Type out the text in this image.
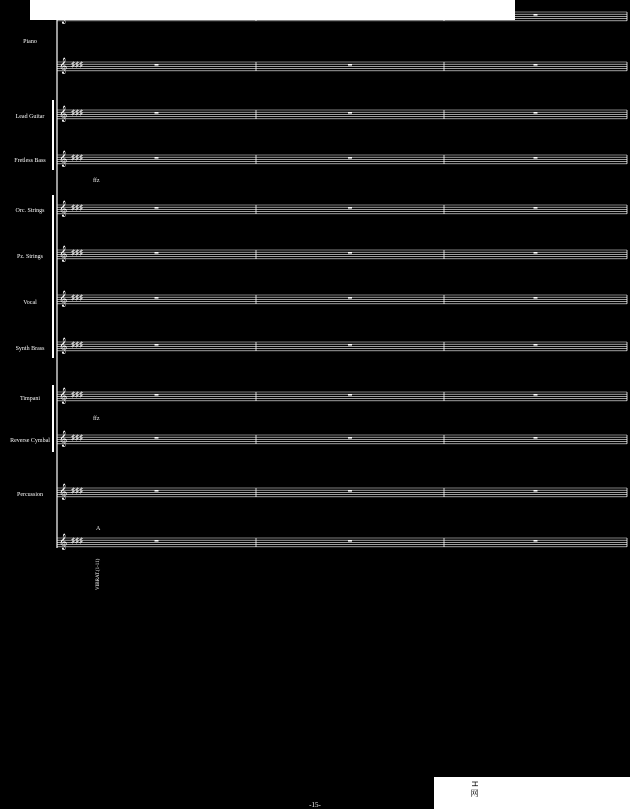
𝄞 ♯♯♯
𝄞 ♯♯♯
𝄞 ♯♯♯
𝄞 ♯♯♯
𝄞 ♯♯♯
𝄞 ♯♯♯
𝄞 ♯♯♯
𝄞 ♯♯♯
𝄞 ♯♯♯
𝄞 ♯♯♯
𝄞 ♯♯♯
𝄞 ♯♯♯
Piano
Lead Guitar
Fretless Bass
Orc. Strings
Pz. Strings
Vocal
Synth Brass
Timpani
Reverse Cymbal
Percussion
A
ffz
ffz
1
VIBRAT.(1-11)
H 网
-15-
